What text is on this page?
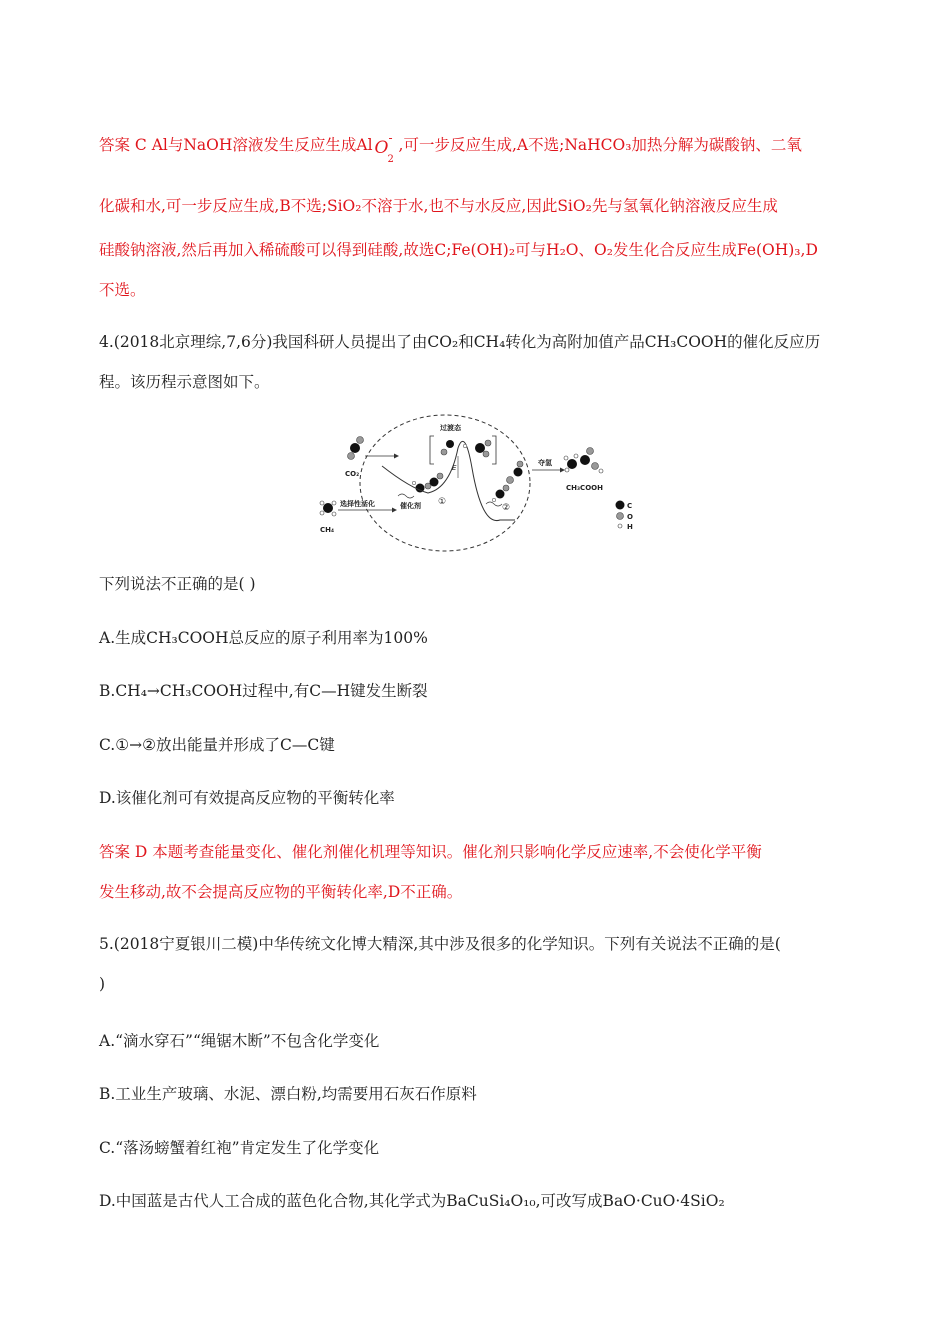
答案 C Al与NaOH溶液发生反应生成Al O
2
- ,可一步反应生成,A不选;NaHCO₃加热分解为碳酸钠、二氧
化碳和水,可一步反应生成,B不选;SiO₂不溶于水,也不与水反应,因此SiO₂先与氢氧化钠溶液反应生成
硅酸钠溶液,然后再加入稀硫酸可以得到硅酸,故选C;Fe(OH)₂可与H₂O、O₂发生化合反应生成Fe(OH)₃,D
不选。
4.(2018北京理综,7,6分)我国科研人员提出了由CO₂和CH₄转化为高附加值产品CH₃COOH的催化反应历
程。该历程示意图如下。
CO₂
CH₄
选择性活化	催化剂 ①
过渡态
E
②
夺氢
CH₃COOH
C
O
H
下列说法不正确的是( )
A.生成CH₃COOH总反应的原子利用率为100%
B.CH₄→CH₃COOH过程中,有C—H键发生断裂
C.①→②放出能量并形成了C—C键
D.该催化剂可有效提高反应物的平衡转化率
答案 D 本题考查能量变化、催化剂催化机理等知识。催化剂只影响化学反应速率,不会使化学平衡
发生移动,故不会提高反应物的平衡转化率,D不正确。
5.(2018宁夏银川二模)中华传统文化博大精深,其中涉及很多的化学知识。下列有关说法不正确的是(
)
A.“滴水穿石”“绳锯木断”不包含化学变化
B.工业生产玻璃、水泥、漂白粉,均需要用石灰石作原料
C.“落汤螃蟹着红袍”肯定发生了化学变化
D.中国蓝是古代人工合成的蓝色化合物,其化学式为BaCuSi₄O₁₀,可改写成BaO·CuO·4SiO₂
